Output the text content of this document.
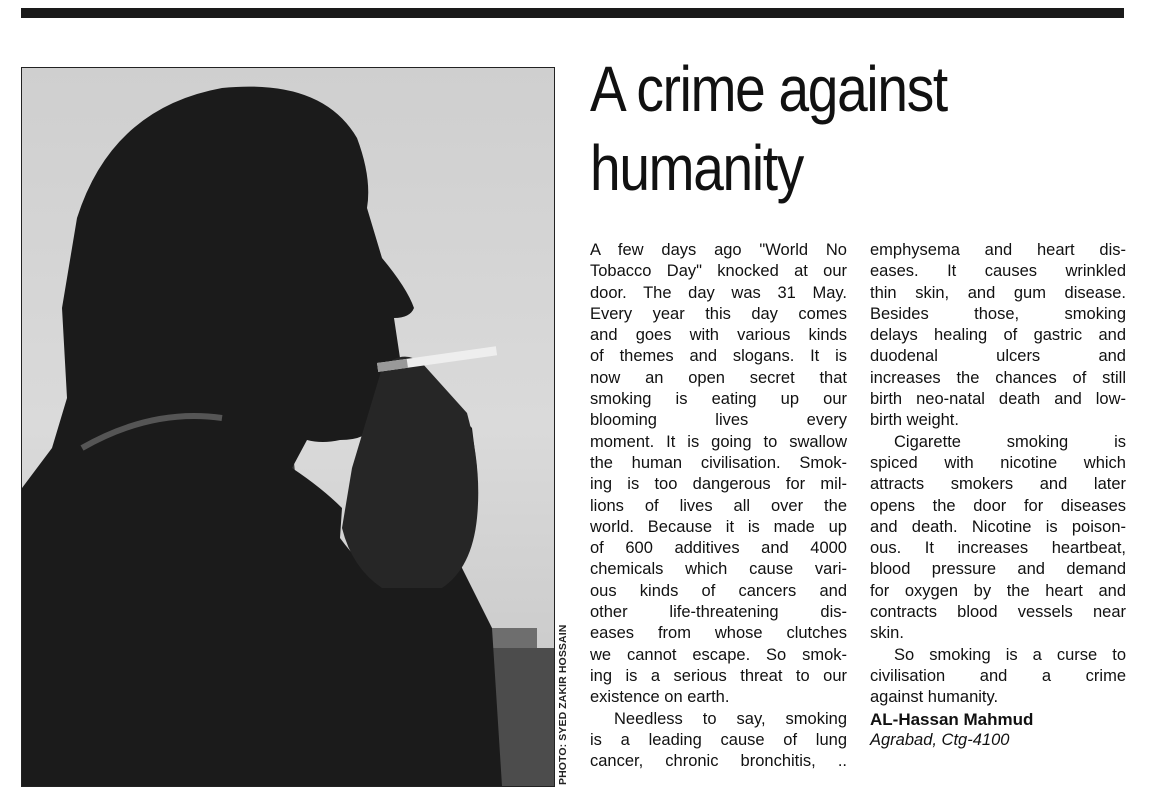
PHOTO: SYED ZAKIR HOSSAIN
A crime against humanity
A few days ago "World No
Tobacco Day" knocked at our
door. The day was 31 May.
Every year this day comes
and goes with various kinds
of themes and slogans. It is
now an open secret that
smoking is eating up our
blooming lives every
moment. It is going to swallow
the human civilisation. Smok-
ing is too dangerous for mil-
lions of lives all over the
world. Because it is made up
of 600 additives and 4000
chemicals which cause vari-
ous kinds of cancers and
other life-threatening dis-
eases from whose clutches
we cannot escape. So smok-
ing is a serious threat to our
existence on earth.
Needless to say, smoking
is a leading cause of lung
cancer, chronic bronchitis, ..
emphysema and heart dis-
eases. It causes wrinkled
thin skin, and gum disease.
Besides those, smoking
delays healing of gastric and
duodenal ulcers and
increases the chances of still
birth neo-natal death and low-
birth weight.
Cigarette smoking is
spiced with nicotine which
attracts smokers and later
opens the door for diseases
and death. Nicotine is poison-
ous. It increases heartbeat,
blood pressure and demand
for oxygen by the heart and
contracts blood vessels near
skin.
So smoking is a curse to
civilisation and a crime
against humanity.
AL-Hassan Mahmud
Agrabad, Ctg-4100
